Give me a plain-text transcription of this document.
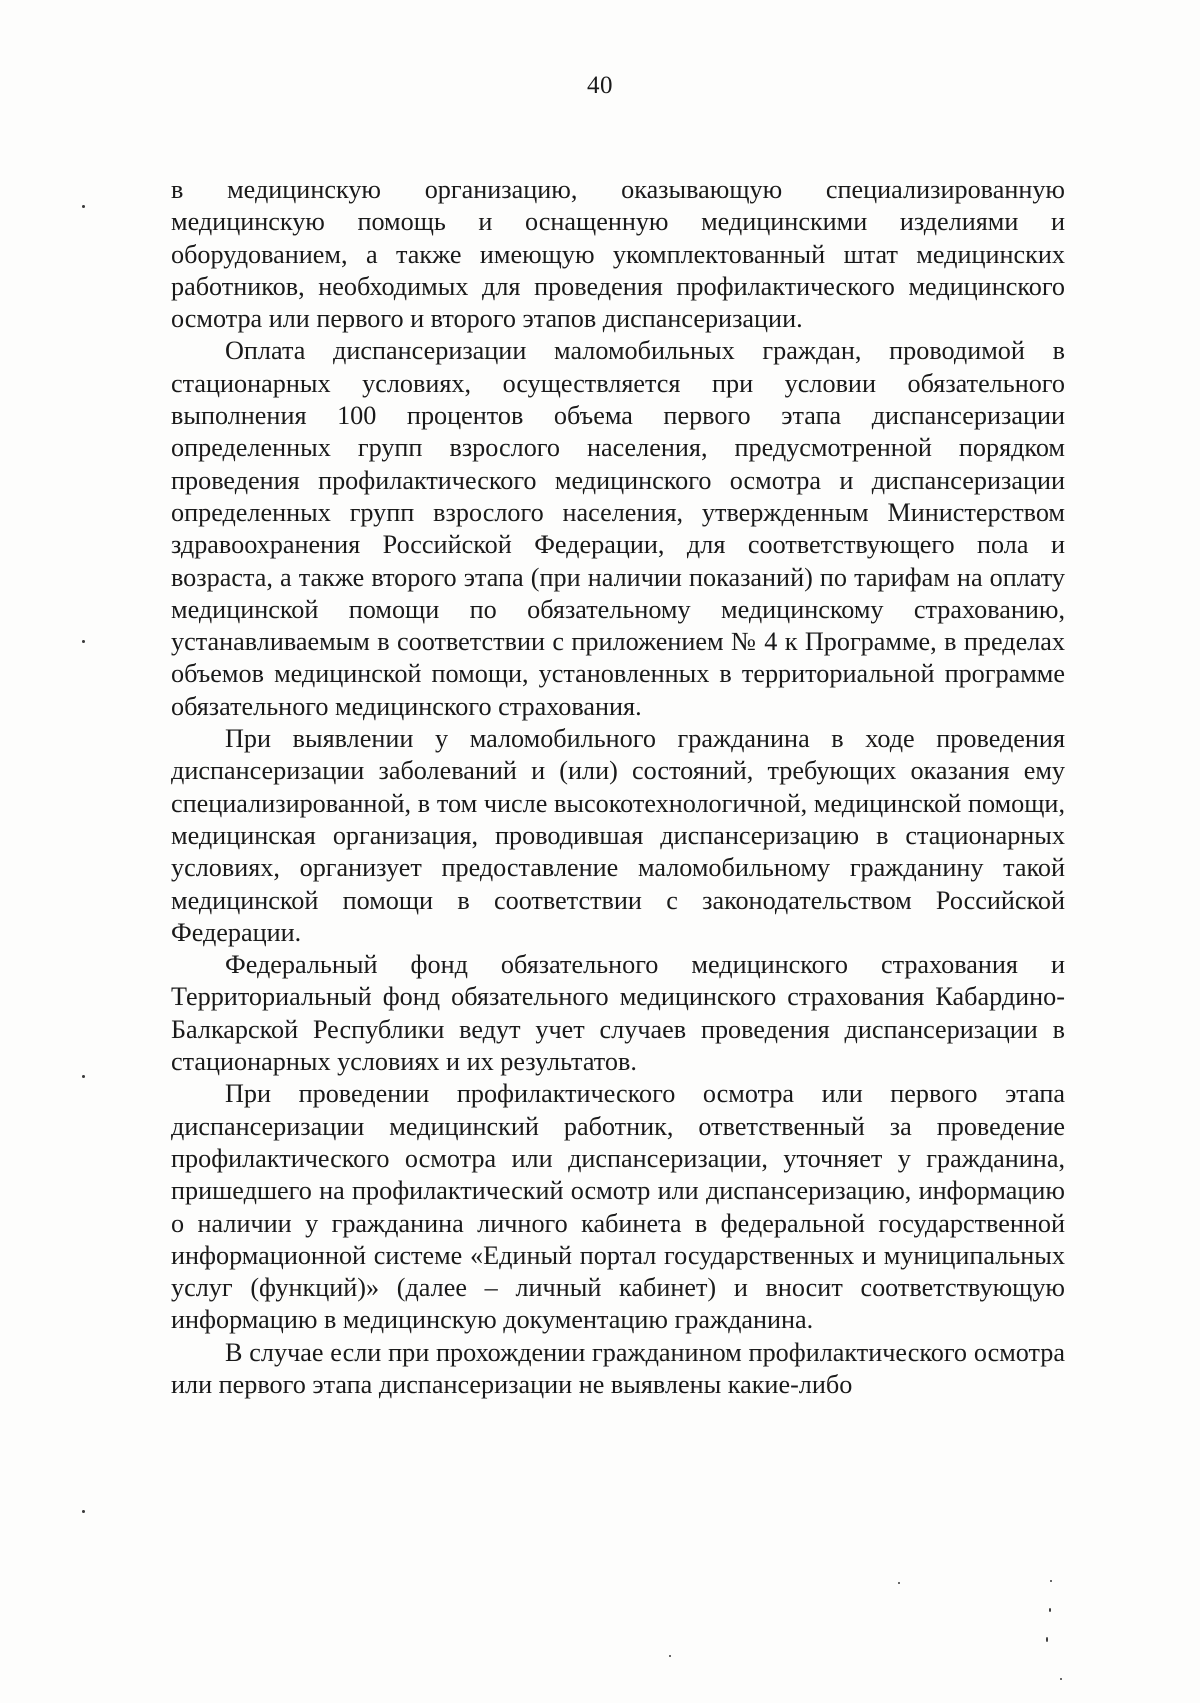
40

в медицинскую организацию, оказывающую специализированную медицинскую помощь и оснащенную медицинскими изделиями и оборудованием, а также имеющую укомплектованный штат медицинских работников, необходимых для проведения профилактического медицинского осмотра или первого и второго этапов диспансеризации.

Оплата диспансеризации маломобильных граждан, проводимой в стационарных условиях, осуществляется при условии обязательного выполнения 100 процентов объема первого этапа диспансеризации определенных групп взрослого населения, предусмотренной порядком проведения профилактического медицинского осмотра и диспансеризации определенных групп взрослого населения, утвержденным Министерством здравоохранения Российской Федерации, для соответствующего пола и возраста, а также второго этапа (при наличии показаний) по тарифам на оплату медицинской помощи по обязательному медицинскому страхованию, устанавливаемым в соответствии с приложением № 4 к Программе, в пределах объемов медицинской помощи, установленных в территориальной программе обязательного медицинского страхования.

При выявлении у маломобильного гражданина в ходе проведения диспансеризации заболеваний и (или) состояний, требующих оказания ему специализированной, в том числе высокотехнологичной, медицинской помощи, медицинская организация, проводившая диспансеризацию в стационарных условиях, организует предоставление маломобильному гражданину такой медицинской помощи в соответствии с законодательством Российской Федерации.

Федеральный фонд обязательного медицинского страхования и Территориальный фонд обязательного медицинского страхования Кабардино-Балкарской Республики ведут учет случаев проведения диспансеризации в стационарных условиях и их результатов.

При проведении профилактического осмотра или первого этапа диспансеризации медицинский работник, ответственный за проведение профилактического осмотра или диспансеризации, уточняет у гражданина, пришедшего на профилактический осмотр или диспансеризацию, информацию о наличии у гражданина личного кабинета в федеральной государственной информационной системе «Единый портал государственных и муниципальных услуг (функций)» (далее – личный кабинет) и вносит соответствующую информацию в медицинскую документацию гражданина.

В случае если при прохождении гражданином профилактического осмотра или первого этапа диспансеризации не выявлены какие-либо
